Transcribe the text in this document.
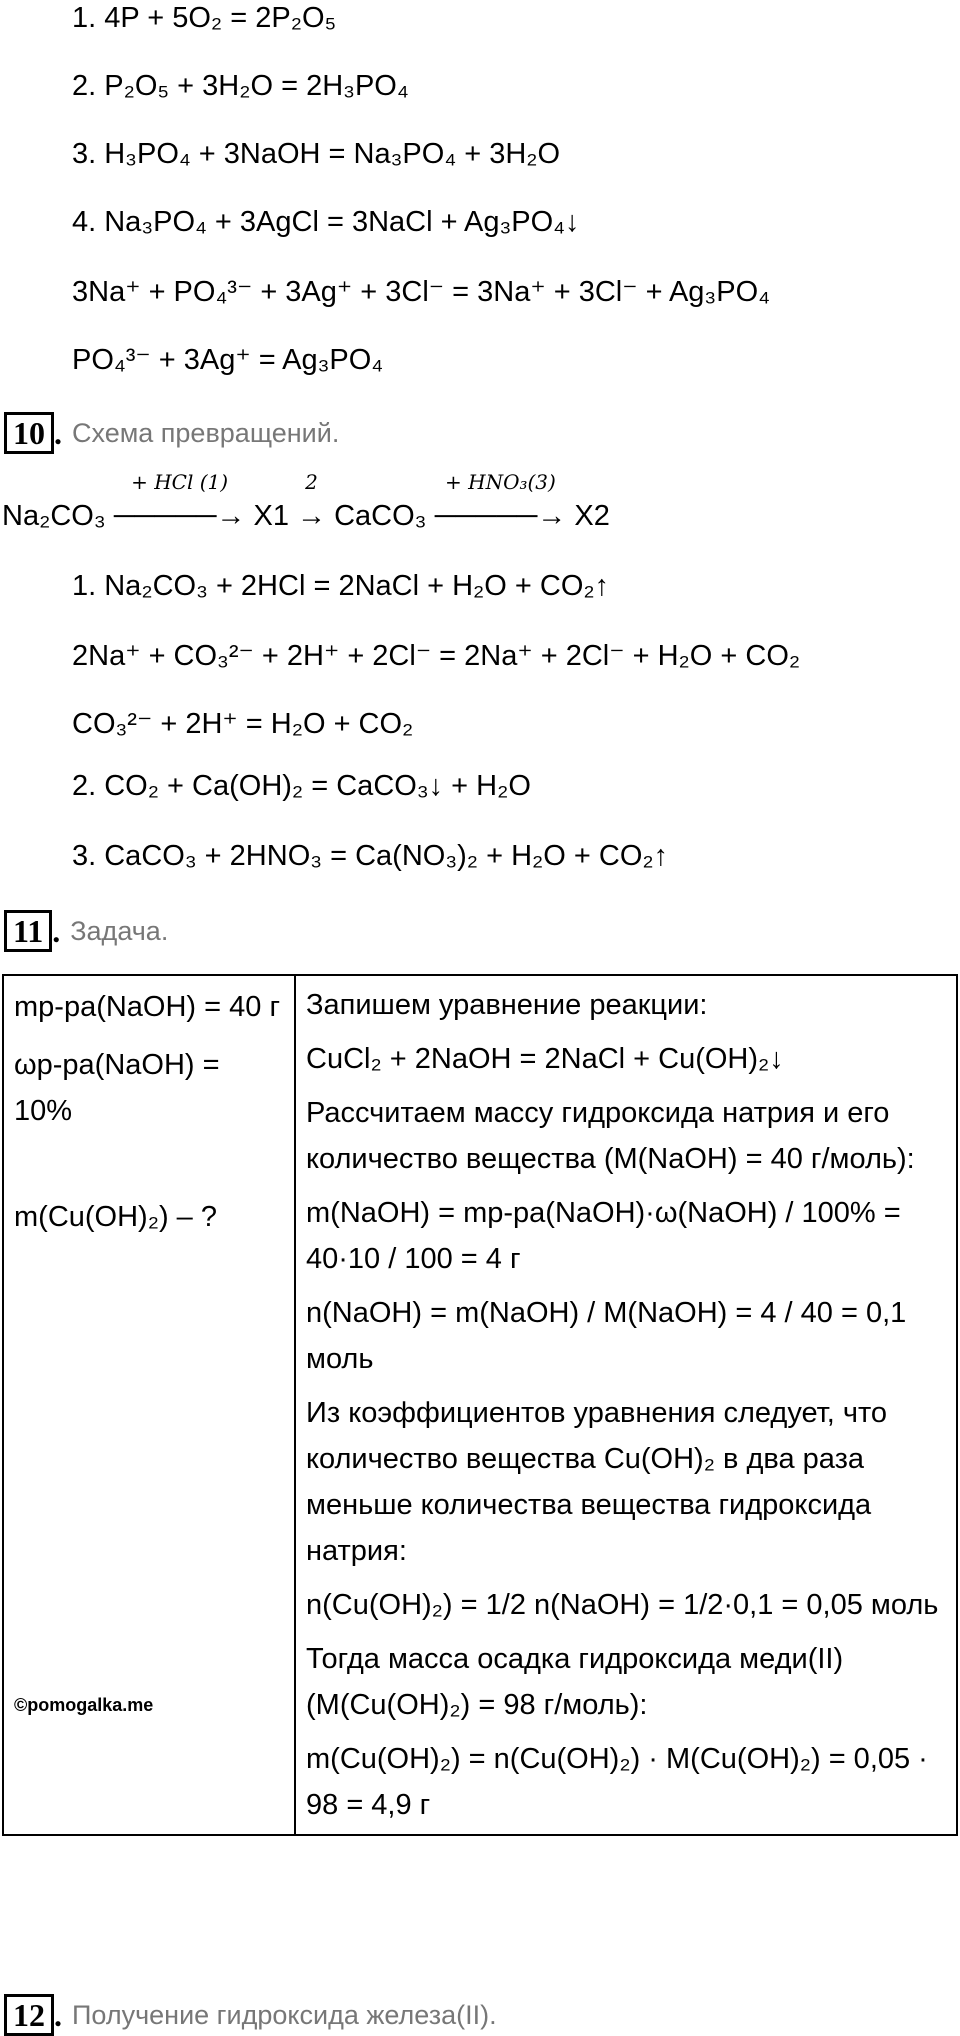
1. 4P + 5O₂ = 2P₂O₅
2. P₂O₅ + 3H₂O = 2H₃PO₄
3. H₃PO₄ + 3NaOH = Na₃PO₄ + 3H₂O
4. Na₃PO₄ + 3AgCl = 3NaCl + Ag₃PO₄↓
3Na⁺ + PO₄³⁻ + 3Ag⁺ + 3Cl⁻ = 3Na⁺ + 3Cl⁻ + Ag₃PO₄
PO₄³⁻ + 3Ag⁺ = Ag₃PO₄
10 . Схема превращений.
Na₂CO₃
+ HCl (1)
─────→ X1
2
→ CaCO₃
+ HNO₃(3)
─────→ X2
1. Na₂CO₃ + 2HCl = 2NaCl + H₂O + CO₂↑
2Na⁺ + CO₃²⁻ + 2H⁺ + 2Cl⁻ = 2Na⁺ + 2Cl⁻ + H₂O + CO₂
CO₃²⁻ + 2H⁺ = H₂O + CO₂
2. CO₂ + Ca(OH)₂ = CaCO₃↓ + H₂O
3. CaCO₃ + 2HNO₃ = Ca(NO₃)₂ + H₂O + CO₂↑
11 . Задача.
mр-ра(NaOH) = 40 г
ωр-ра(NaOH) = 10%
m(Cu(OH)₂) – ?
©pomogalka.me

Запишем уравнение реакции:
CuCl₂ + 2NaOH = 2NaCl + Cu(OH)₂↓
Рассчитаем массу гидроксида натрия и его количество вещества (M(NaOH) = 40 г/моль):
m(NaOH) = mр-ра(NaOH)·ω(NaOH) / 100% = 40·10 / 100 = 4 г
n(NaOH) = m(NaOH) / M(NaOH) = 4 / 40 = 0,1 моль
Из коэффициентов уравнения следует, что количество вещества Cu(OH)₂ в два раза меньше количества вещества гидроксида натрия:
n(Cu(OH)₂) = 1/2 n(NaOH) = 1/2·0,1 = 0,05 моль
Тогда масса осадка гидроксида меди(II) (M(Cu(OH)₂) = 98 г/моль):
m(Cu(OH)₂) = n(Cu(OH)₂) · M(Cu(OH)₂) = 0,05 · 98 = 4,9 г
12 . Получение гидроксида железа(II).
